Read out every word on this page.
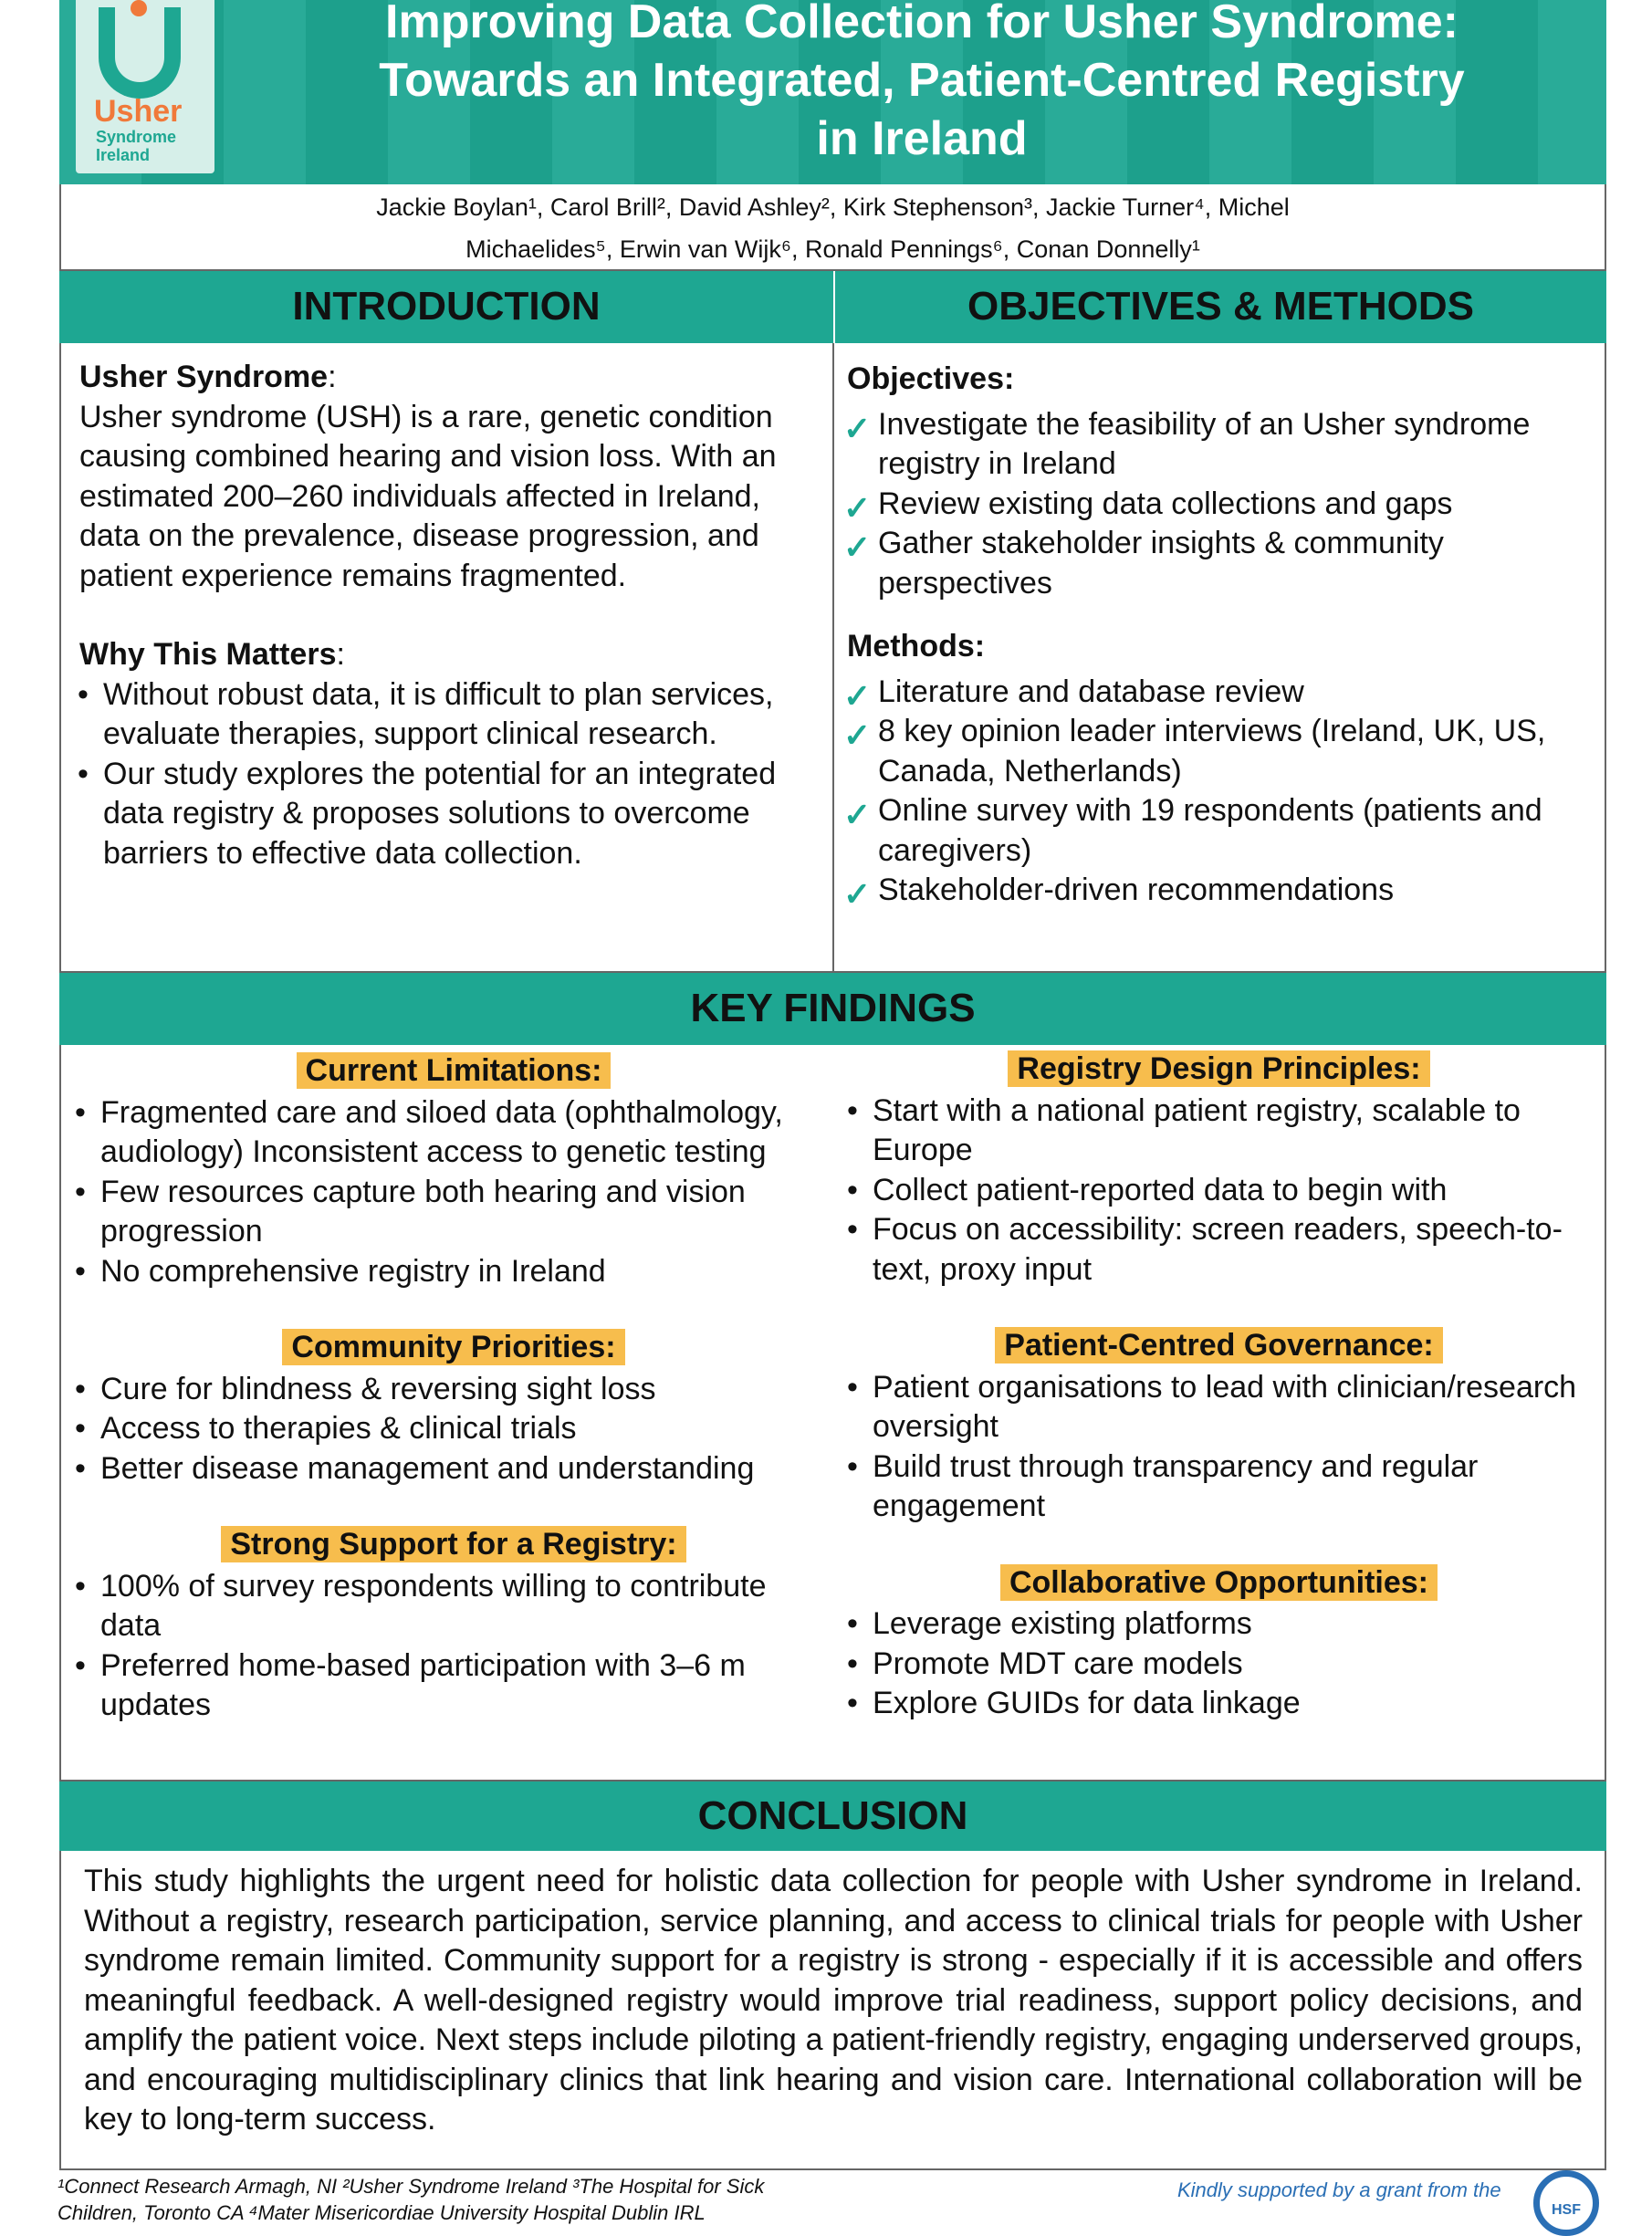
Usher
Syndrome
Ireland
Improving Data Collection for Usher Syndrome:
Towards an Integrated, Patient-Centred Registry
in Ireland
Jackie Boylan¹, Carol Brill², David Ashley², Kirk Stephenson³, Jackie Turner⁴, Michel
Michaelides⁵, Erwin van Wijk⁶, Ronald Pennings⁶, Conan Donnelly¹
INTRODUCTION	OBJECTIVES & METHODS
Usher Syndrome:
Usher syndrome (USH) is a rare, genetic condition causing combined hearing and vision loss. With an estimated 200–260 individuals affected in Ireland, data on the prevalence, disease progression, and patient experience remains fragmented.
Why This Matters:
• Without robust data, it is difficult to plan services, evaluate therapies, support clinical research.
• Our study explores the potential for an integrated data registry & proposes solutions to overcome barriers to effective data collection.
Objectives:
✓ Investigate the feasibility of an Usher syndrome registry in Ireland
✓ Review existing data collections and gaps
✓ Gather stakeholder insights & community perspectives
Methods:
✓ Literature and database review
✓ 8 key opinion leader interviews (Ireland, UK, US, Canada, Netherlands)
✓ Online survey with 19 respondents (patients and caregivers)
✓ Stakeholder-driven recommendations
KEY FINDINGS
Current Limitations:
• Fragmented care and siloed data (ophthalmology, audiology) Inconsistent access to genetic testing
• Few resources capture both hearing and vision progression
• No comprehensive registry in Ireland
Community Priorities:
• Cure for blindness & reversing sight loss
• Access to therapies & clinical trials
• Better disease management and understanding
Strong Support for a Registry:
• 100% of survey respondents willing to contribute data
• Preferred home-based participation with 3–6 m updates
Registry Design Principles:
• Start with a national patient registry, scalable to Europe
• Collect patient-reported data to begin with
• Focus on accessibility: screen readers, speech-to-text, proxy input
Patient-Centred Governance:
• Patient organisations to lead with clinician/research oversight
• Build trust through transparency and regular engagement
Collaborative Opportunities:
• Leverage existing platforms
• Promote MDT care models
• Explore GUIDs for data linkage
CONCLUSION
This study highlights the urgent need for holistic data collection for people with Usher syndrome in Ireland. Without a registry, research participation, service planning, and access to clinical trials for people with Usher syndrome remain limited. Community support for a registry is strong - especially if it is accessible and offers meaningful feedback. A well-designed registry would improve trial readiness, support policy decisions, and amplify the patient voice. Next steps include piloting a patient-friendly registry, engaging underserved groups, and encouraging multidisciplinary clinics that link hearing and vision care. International collaboration will be key to long-term success.
¹Connect Research Armagh, NI ²Usher Syndrome Ireland ³The Hospital for Sick
Children, Toronto CA ⁴Mater Misericordiae University Hospital Dublin IRL
Kindly supported by a grant from the
HSF
